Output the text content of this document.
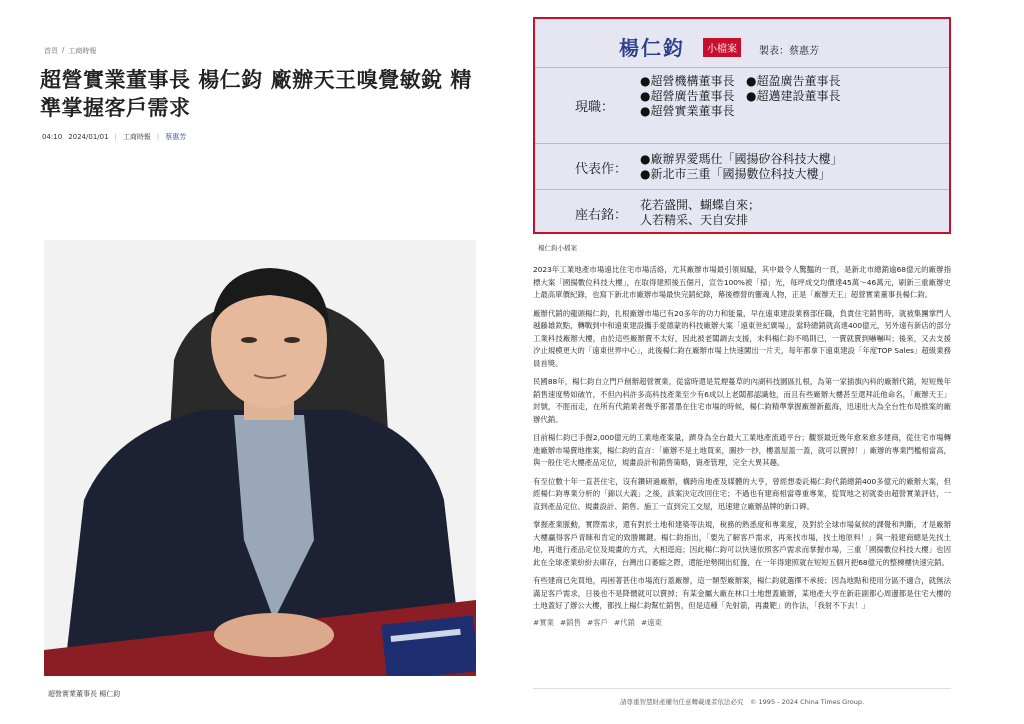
首頁 / 工商時報
超營實業董事長 楊仁鈞 廠辦天王嗅覺敏銳 精準掌握客戶需求
04:10 2024/01/01 | 工商時報 | 蔡惠芳
超營實業董事長 楊仁鈞
楊仁鈞	小檔案	製表：蔡惠芳
現職：
●超營機構董事長 ●超盈廣告董事長
●超營廣告董事長 ●超邁建設董事長
●超營實業董事長
代表作：
●廠辦界愛瑪仕「國揚矽谷科技大樓」
●新北市三重「國揚數位科技大樓」
座右銘：
花若盛開、蝴蝶自來；
人若精采、天自安排
楊仁鈞小檔案

2023年工業地產市場遠比住宅市場活絡，尤其廠辦市場最引領風騷，其中最令人驚豔的一頁，是新北市總銷逾68億元的廠辦指標大案「國揚數位科技大樓」，在取得建照後五個月，宣告100%被「掃」光，每坪成交均價達45萬～46萬元，刷新三重廠辦史上最高單價紀錄，也寫下新北市廠辦市場最快完銷紀錄，幕後標營的靈魂人物，正是「廠辦天王」超營實業董事長楊仁鈞。

廠辦代銷的龍頭楊仁鈞，扎根廠辦市場已有20多年的功力和能量，早在遠東建設業務部任職，負責住宅銷售時，就被集團掌門人越藤雄欽點，轉戰到中和遠東建設攜手愛德蒙的科技廠辦大案「遠東世紀廣場」，當時總銷就高達400億元，另外遠有新店的部分工業科技廠辦大樓，由於這些廠辦賣不太好，因此被老闆調去支援，未料楊仁鈞不鳴則已，一賣就賣到嚇嚇叫；後來，又去支援汐止規模更大的「遠東世界中心」，此後楊仁鈞在廠辦市場上快速闖出一片天，每年都拿下遠東建設「年度TOP Sales」超級業務員首獎。

民國88年，楊仁鈞自立門戶創辦超營實業，從當時還是荒煙蔓草的內湖科技園區扎根，為第一家插旗內科的廠辦代銷，短短幾年銷售速度勢如破竹，不但內科許多高科技產業至少有6成以上老闆都認識他，而且有些廠辦大樓甚至還拜託他命名，「廠辦天王」封號，不脛而走，在所有代銷業者幾乎都著墨在住宅市場的時候，楊仁鈞精準掌握廠辦新藍海，迅速壯大為全台性布局推案的廠辦代銷。

目前楊仁鈞已手握2,000億元的工業地產案量，躋身為全台最大工業地產流通平台；觀察最近幾年愈來愈多建商，從住宅市場轉進廠辦市場賣地推案，楊仁鈞的直言：「廠辦不是土地買來，圖抄一抄，樓蓋屋蓋一蓋，就可以賣掉！」廠辦的專業門檻相當高，與一般住宅大樓產品定位，規畫設計和銷售策略，資產管理，完全大異其趣。

有至位數十年一直甚住宅，沒有鑽研過廠辦，構跨房地產及媒體的大亨，曾經想委託楊仁鈞代銷總銷400多億元的廠辦大案，但經楊仁鈞專業分析的「錦以大義」之後，該案決定改回住宅；不過也有建商相當尊重專業，從買地之初就委由超營實業評估，一直到產品定位、規畫設計、銷售、施工一直到完工交屋，迅速建立廠辦品牌的新口碑。

掌握產業脈動，實際需求，還有對於土地和建築等法規，稅務的熟悉度和專業度，及對於全球市場氣候的課覺和判斷，才是廠辦大樓贏得客戶青睞和肯定的致勝關鍵。楊仁鈞指出，「要先了解客戶需求，再來找市場，找土地原料！」與一般建商總是先找土地，再進行產品定位及規畫的方式，大相逕庭；因此楊仁鈞可以快速依照客戶需求而掌握市場，三重「國揚數位科技大樓」也因此在全球產業紛紛去庫存，台灣出口萎縮之際，還能逆勢開出紅盤，在一年得建照就在短短五個月把68億元的整棟樓快速完銷。

有些建商已先買地，再困著甚住市場流行蓋廠辦，這一類型廠辦案，楊仁鈞就選擇不承接；因為地點和使用分區不適合，就無法滿足客戶需求，日後也不是降價就可以賣掉；有某金屬大廠在林口土地想蓋廠辦，某地產大亨在新莊副都心周邊都是住宅大樓的土地蓋好了辦公大樓，都找上楊仁鈞幫忙銷售，但是這種「先射箭，再畫靶」的作法，「我射不下去！」

#實業 #銷售 #客戶 #代銷 #遠東
請尊重智慧財產權勿任意轉載違者依法必究　© 1995 - 2024 China Times Group.
